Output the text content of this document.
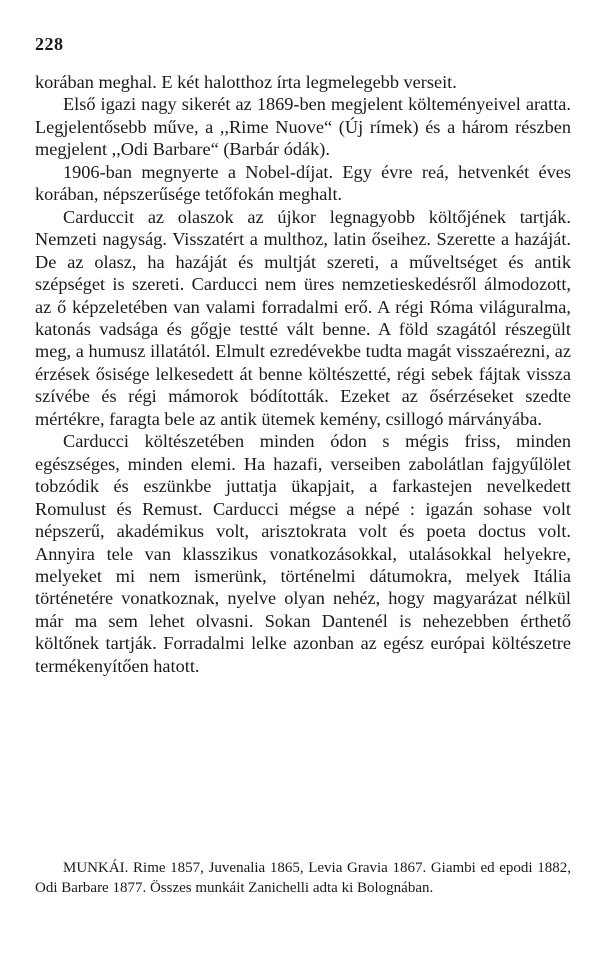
228

korában meghal. E két halotthoz írta legmelegebb verseit.

Első igazi nagy sikerét az 1869-ben megjelent költeményeivel aratta. Legjelentősebb műve, a ,,Rime Nuove“ (Új rímek) és a három részben megjelent ,,Odi Barbare“ (Barbár ódák).

1906-ban megnyerte a Nobel-díjat. Egy évre reá, hetvenkét éves korában, népszerűsége tetőfokán meghalt.

Carduccit az olaszok az újkor legnagyobb költőjének tartják. Nemzeti nagyság. Visszatért a multhoz, latin őseihez. Szerette a hazáját. De az olasz, ha hazáját és multját szereti, a műveltséget és antik szépséget is szereti. Carducci nem üres nemzetieskedésről álmodozott, az ő képzeletében van valami forradalmi erő. A régi Róma világuralma, katonás vadsága és gőgje testté vált benne. A föld szagától részegült meg, a humusz illatától. Elmult ezredévekbe tudta magát visszaérezni, az érzések ősisége lelkesedett át benne költészetté, régi sebek fájtak vissza szívébe és régi mámorok bódították. Ezeket az ősérzéseket szedte mértékre, faragta bele az antik ütemek kemény, csillogó márványába.

Carducci költészetében minden ódon s mégis friss, minden egészséges, minden elemi. Ha hazafi, verseiben zabolátlan fajgyűlölet tobzódik és eszünkbe juttatja ükapjait, a farkastejen nevelkedett Romulust és Remust. Carducci mégse a népé : igazán sohase volt népszerű, akadémikus volt, arisztokrata volt és poeta doctus volt. Annyira tele van klasszikus vonatkozásokkal, utalásokkal helyekre, melyeket mi nem ismerünk, történelmi dátumokra, melyek Itália történetére vonatkoznak, nyelve olyan nehéz, hogy magyarázat nélkül már ma sem lehet olvasni. Sokan Dantenél is nehezebben érthető költőnek tartják. Forradalmi lelke azonban az egész európai költészetre termékenyítően hatott.

MUNKÁI. Rime 1857, Juvenalia 1865, Levia Gravia 1867. Giambi ed epodi 1882, Odi Barbare 1877. Összes munkáit Zanichelli adta ki Bolognában.
